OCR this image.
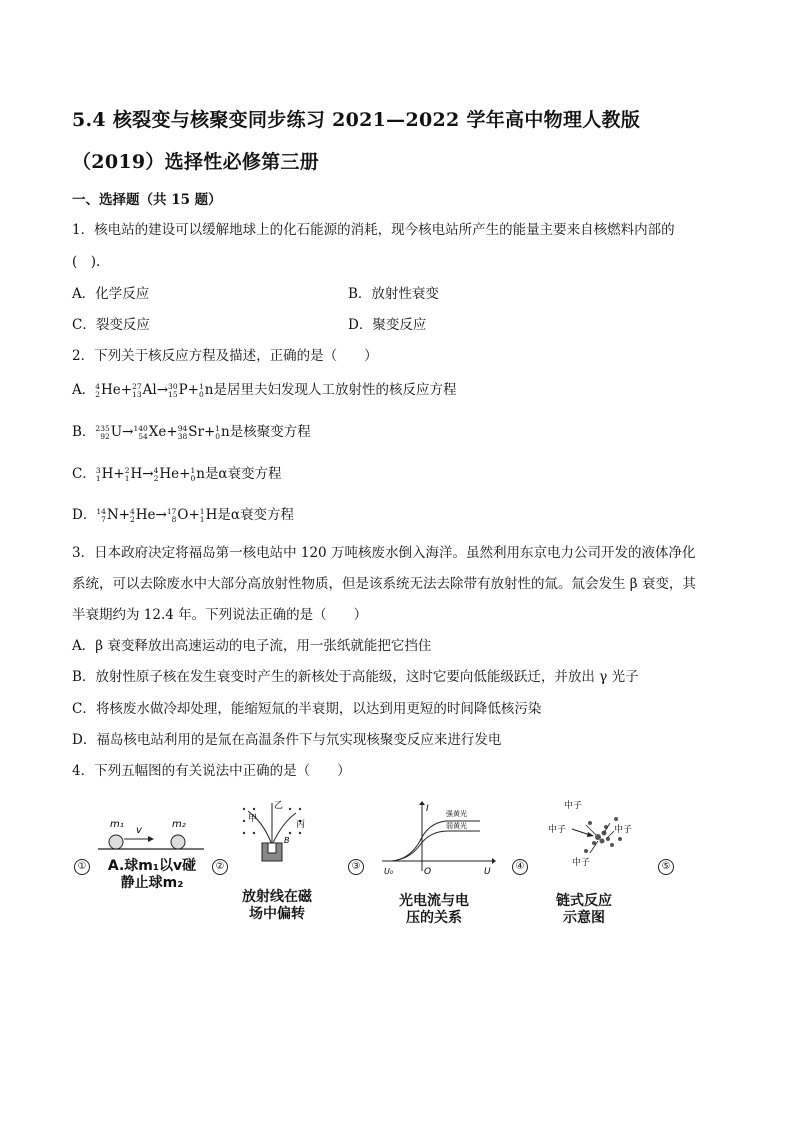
5.4 核裂变与核聚变同步练习 2021—2022 学年高中物理人教版
（2019）选择性必修第三册
一、选择题（共 15 题）
1．核电站的建设可以缓解地球上的化石能源的消耗，现今核电站所产生的能量主要来自核燃料内部的
(　).
A．化学反应	B．放射性衰变
C．裂变反应	D．聚变反应
2．下列关于核反应方程及描述，正确的是（　　）
A． 4
2 He+ 27
13 Al→ 30
15 P+ 1
0 n是居里夫妇发现人工放射性的核反应方程
B． 235
92 U→ 140
54 Xe+ 94
38 Sr+ 1
0 n是核聚变方程
C． 3
1 H+ 2
1 H→ 4
2 He+ 1
0 n是α衰变方程
D． 14
7 N+ 4
2 He→ 17
8 O+ 1
1 H是α衰变方程
3．日本政府决定将福岛第一核电站中 120 万吨核废水倒入海洋。虽然利用东京电力公司开发的液体净化
系统，可以去除废水中大部分高放射性物质，但是该系统无法去除带有放射性的氚。氚会发生 β 衰变，其
半衰期约为 12.4 年。下列说法正确的是（　　）
A．β 衰变释放出高速运动的电子流，用一张纸就能把它挡住
B．放射性原子核在发生衰变时产生的新核处于高能级，这时它要向低能级跃迁，并放出 γ 光子
C．将核废水做冷却处理，能缩短氚的半衰期，以达到用更短的时间降低核污染
D．福岛核电站利用的是氚在高温条件下与氘实现核聚变反应来进行发电
4．下列五幅图的有关说法中正确的是（　　）
①
m₁	m₂
v
A.球m₁以v碰
静止球m₂
②
甲
乙
丙
B
放射线在磁
场中偏转
③
I
U
O
U₀
强黄光
弱黄光
光电流与电
压的关系
④
中子
中子	中子
中子
链式反应
示意图
⑤
